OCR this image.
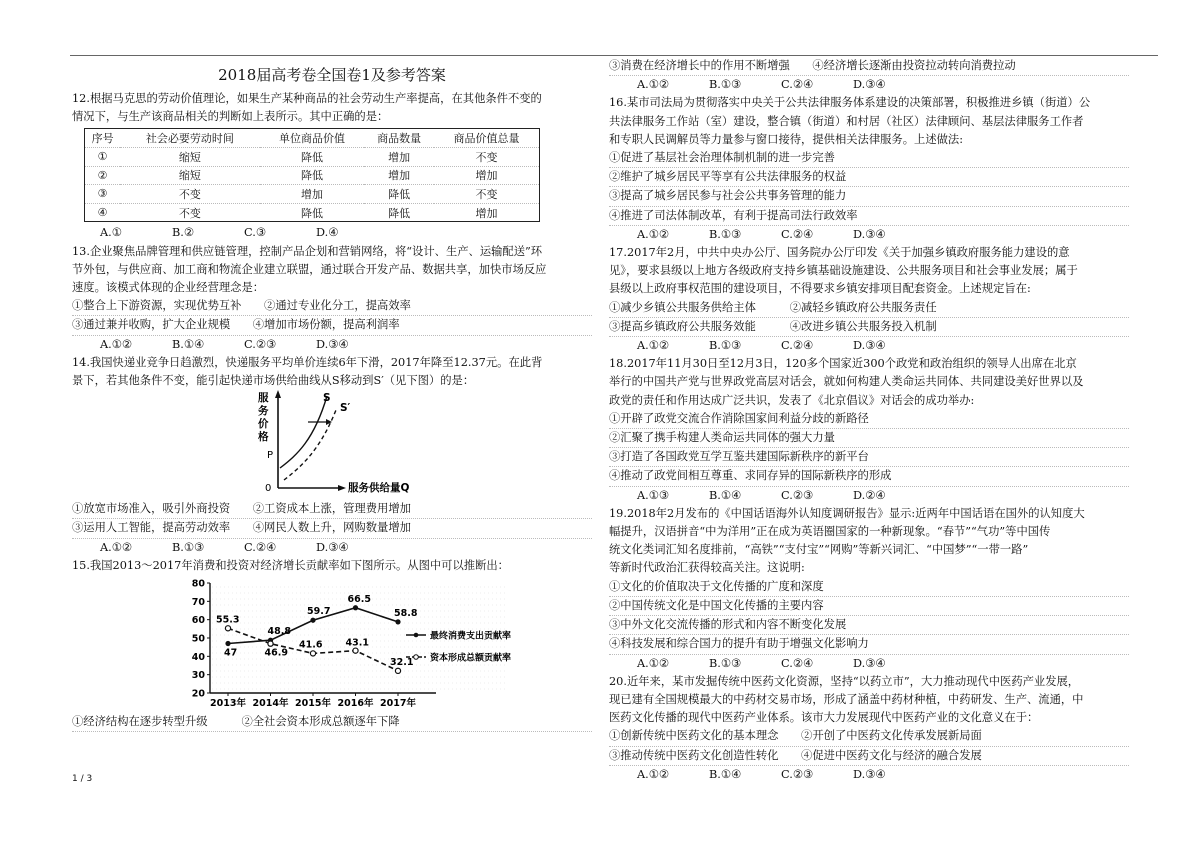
2018届高考卷全国卷1及参考答案
12.根据马克思的劳动价值理论，如果生产某种商品的社会劳动生产率提高，在其他条件不变的
情况下，与生产该商品相关的判断如上表所示。其中正确的是：
序号	社会必要劳动时间	单位商品价值	商品数量	商品价值总量
①	缩短	降低	增加	不变
②	缩短	降低	增加	增加
③	不变	增加	降低	不变
④	不变	降低	降低	增加
A.①	B.②	C.③	D.④
13.企业聚焦品牌管理和供应链管理，控制产品企划和营销网络，将“设计、生产、运输配送”环
节外包，与供应商、加工商和物流企业建立联盟，通过联合开发产品、数据共享，加快市场反应
速度。该模式体现的企业经营理念是：
①整合上下游资源，实现优势互补　　②通过专业化分工，提高效率
③通过兼并收购，扩大企业规模　　④增加市场份额，提高利润率
A.①②	B.①④	C.②③	D.③④
14.我国快递业竞争日趋激烈，快递服务平均单价连续6年下滑，2017年降至12.37元。在此背
景下，若其他条件不变，能引起快递市场供给曲线从S移动到S′（见下图）的是：
服
务
价
格
P
0	服务供给量Q
S
S′
①放宽市场准入，吸引外商投资　　②工资成本上涨，管理费用增加
③运用人工智能，提高劳动效率　　④网民人数上升，网购数量增加
A.①②	B.①③	C.②④	D.③④
15.我国2013～2017年消费和投资对经济增长贡献率如下图所示。从图中可以推断出：
20
30
40
50
60
70
80
2013年 2014年 2015年 2016年 2017年
47
48.8
59.7
66.5
58.8
55.3
46.9
41.6 43.1
32.1
最终消费支出贡献率
资本形成总额贡献率
①经济结构在逐步转型升级　　　②全社会资本形成总额逐年下降
1 / 3
③消费在经济增长中的作用不断增强　　④经济增长逐渐由投资拉动转向消费拉动
A.①②	B.①③	C.②④	D.③④
16.某市司法局为贯彻落实中央关于公共法律服务体系建设的决策部署，积极推进乡镇（街道）公
共法律服务工作站（室）建设，整合镇（街道）和村居（社区）法律顾问、基层法律服务工作者
和专职人民调解员等力量参与窗口接待，提供相关法律服务。上述做法:
①促进了基层社会治理体制机制的进一步完善
②维护了城乡居民平等享有公共法律服务的权益
③提高了城乡居民参与社会公共事务管理的能力
④推进了司法体制改革，有利于提高司法行政效率
A.①②	B.①③	C.②④	D.③④
17.2017年2月，中共中央办公厅、国务院办公厅印发《关于加强乡镇政府服务能力建设的意
见》，要求县级以上地方各级政府支持乡镇基础设施建设、公共服务项目和社会事业发展；属于
县级以上政府事权范围的建设项目，不得要求乡镇安排项目配套资金。上述规定旨在:
①减少乡镇公共服务供给主体　　　②减轻乡镇政府公共服务责任
③提高乡镇政府公共服务效能　　　④改进乡镇公共服务投入机制
A.①②	B.①③	C.②④	D.③④
18.2017年11月30日至12月3日，120多个国家近300个政党和政治组织的领导人出席在北京
举行的中国共产党与世界政党高层对话会，就如何构建人类命运共同体、共同建设美好世界以及
政党的责任和作用达成广泛共识，发表了《北京倡议》对话会的成功举办:
①开辟了政党交流合作消除国家间利益分歧的新路径
②汇聚了携手构建人类命运共同体的强大力量
③打造了各国政党互学互鉴共建国际新秩序的新平台
④推动了政党间相互尊重、求同存异的国际新秩序的形成
A.①③	B.①④	C.②③	D.②④
19.2018年2月发布的《中国话语海外认知度调研报告》显示:近两年中国话语在国外的认知度大
幅提升，汉语拼音“中为洋用”正在成为英语圈国家的一种新现象。“春节”“气功”等中国传
统文化类词汇知名度排前，“高铁”“支付宝”“网购”等新兴词汇、“中国梦”“一带一路”
等新时代政治汇获得较高关注。这说明:
①文化的价值取决于文化传播的广度和深度
②中国传统文化是中国文化传播的主要内容
③中外文化交流传播的形式和内容不断变化发展
④科技发展和综合国力的提升有助于增强文化影响力
A.①②	B.①③	C.②④	D.③④
20.近年来，某市发掘传统中医药文化资源，坚持“以药立市”，大力推动现代中医药产业发展，
现已建有全国规模最大的中药材交易市场，形成了涵盖中药材种植，中药研发、生产、流通，中
医药文化传播的现代中医药产业体系。该市大力发展现代中医药产业的文化意义在于：
①创新传统中医药文化的基本理念　　②开创了中医药文化传承发展新局面
③推动传统中医药文化创造性转化　　④促进中医药文化与经济的融合发展
A.①②	B.①④	C.②③	D.③④
